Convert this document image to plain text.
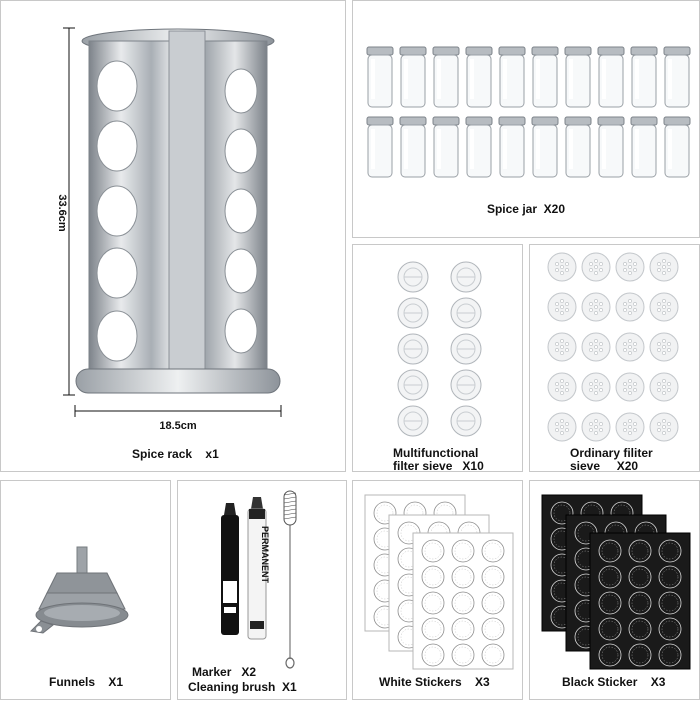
33.6cm
18.5cm
Spice rack x1
Spice jar X20
Multifunctional
filter sieve X10
Ordinary filiter
sieve X20
Funnels X1
PERMANENT
Marker X2
Cleaning brush X1	White Stickers X3	Black Sticker X3
